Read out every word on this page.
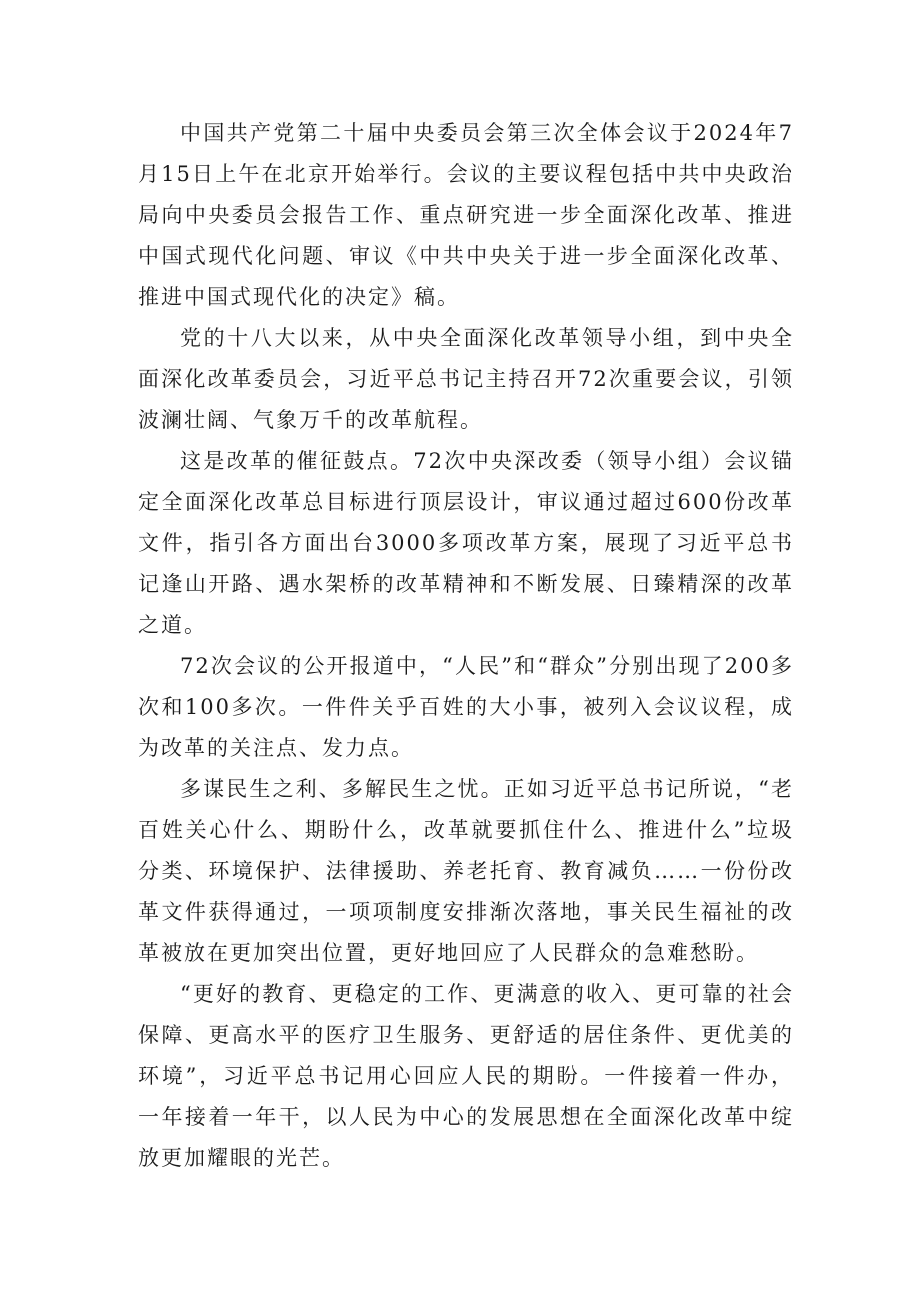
中国共产党第二十届中央委员会第三次全体会议于2024年7月15日上午在北京开始举行。会议的主要议程包括中共中央政治局向中央委员会报告工作、重点研究进一步全面深化改革、推进中国式现代化问题、审议《中共中央关于进一步全面深化改革、推进中国式现代化的决定》稿。

党的十八大以来，从中央全面深化改革领导小组，到中央全面深化改革委员会，习近平总书记主持召开72次重要会议，引领波澜壮阔、气象万千的改革航程。

这是改革的催征鼓点。72次中央深改委（领导小组）会议锚定全面深化改革总目标进行顶层设计，审议通过超过600份改革文件，指引各方面出台3000多项改革方案，展现了习近平总书记逢山开路、遇水架桥的改革精神和不断发展、日臻精深的改革之道。

72次会议的公开报道中，“人民”和“群众”分别出现了200多次和100多次。一件件关乎百姓的大小事，被列入会议议程，成为改革的关注点、发力点。

多谋民生之利、多解民生之忧。正如习近平总书记所说，“老百姓关心什么、期盼什么，改革就要抓住什么、推进什么”垃圾分类、环境保护、法律援助、养老托育、教育减负……一份份改革文件获得通过，一项项制度安排渐次落地，事关民生福祉的改革被放在更加突出位置，更好地回应了人民群众的急难愁盼。

“更好的教育、更稳定的工作、更满意的收入、更可靠的社会保障、更高水平的医疗卫生服务、更舒适的居住条件、更优美的环境”，习近平总书记用心回应人民的期盼。一件接着一件办，一年接着一年干，以人民为中心的发展思想在全面深化改革中绽放更加耀眼的光芒。
